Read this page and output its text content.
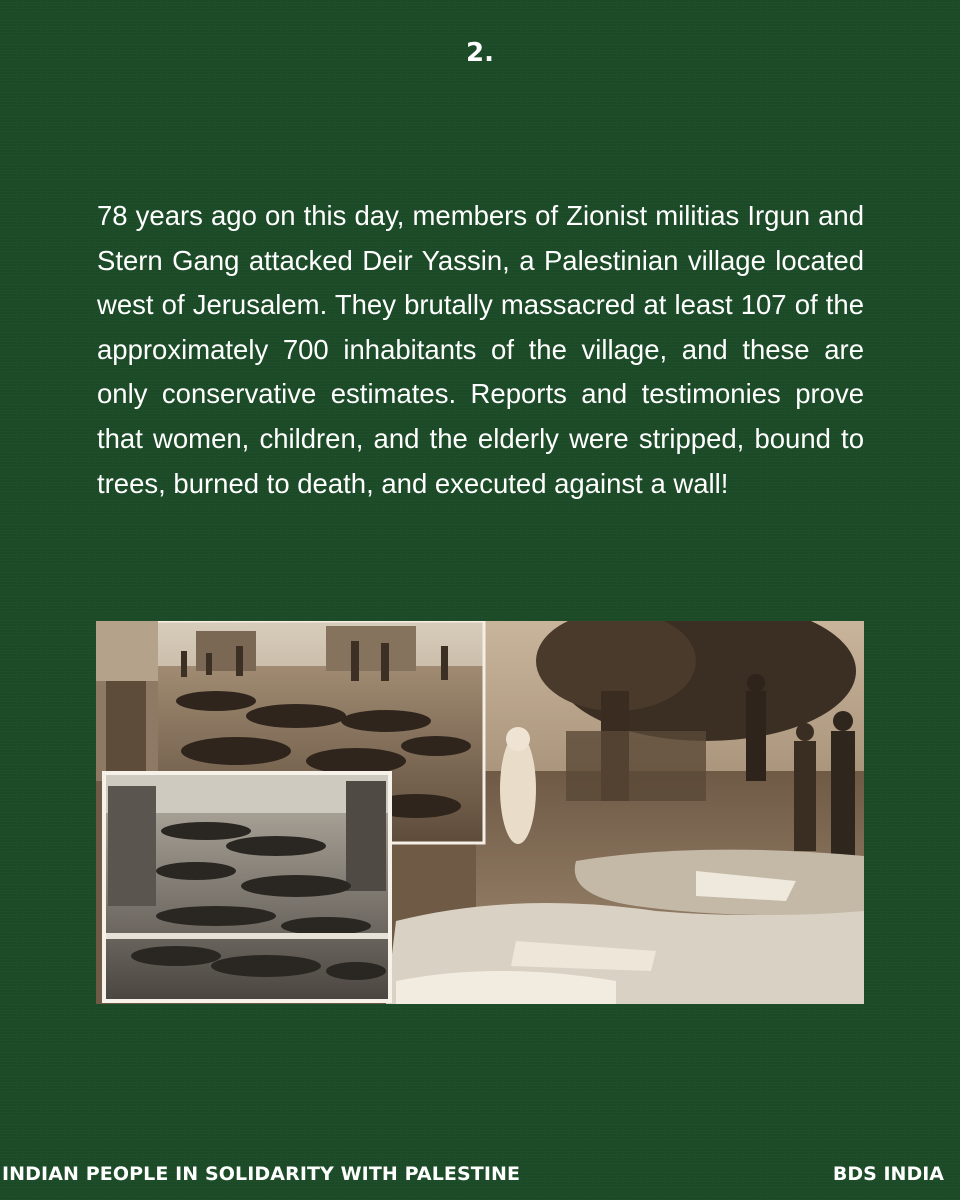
2.

78 years ago on this day, members of Zionist militias Irgun and Stern Gang attacked Deir Yassin, a Palestinian village located west of Jerusalem. They brutally massacred at least 107 of the approximately 700 inhabitants of the village, and these are only conservative estimates. Reports and testimonies prove that women, children, and the elderly were stripped, bound to trees, burned to death, and executed against a wall!

INDIAN PEOPLE IN SOLIDARITY WITH PALESTINE	BDS INDIA
